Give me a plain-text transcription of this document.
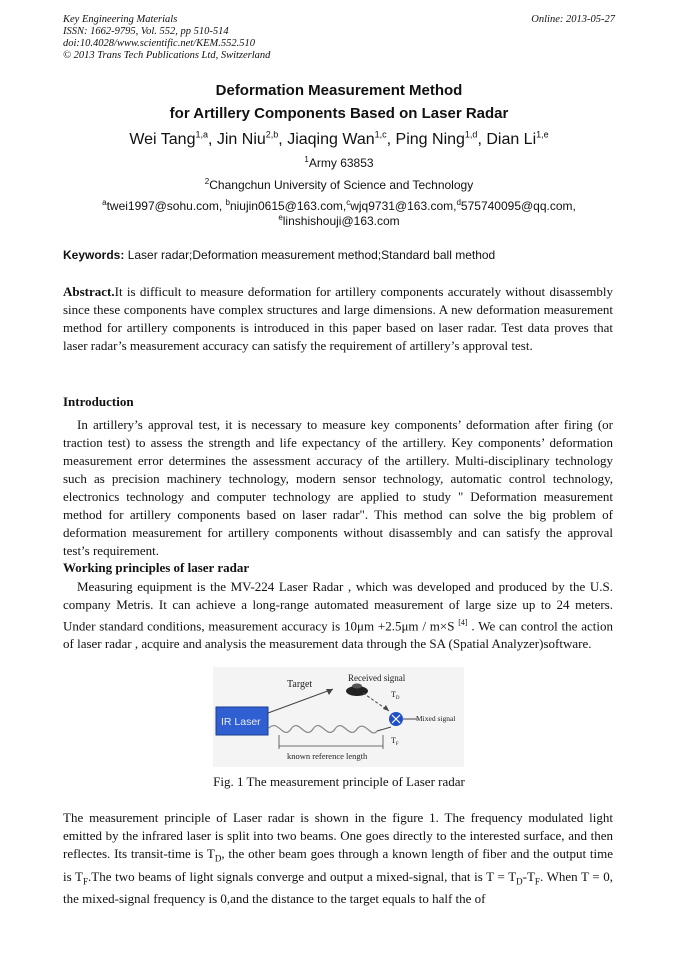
Key Engineering Materials
ISSN: 1662-9795, Vol. 552, pp 510-514
doi:10.4028/www.scientific.net/KEM.552.510
© 2013 Trans Tech Publications Ltd, Switzerland
Online: 2013-05-27
Deformation Measurement Method
for Artillery Components Based on Laser Radar
Wei Tang$^{1,a}$, Jin Niu$^{2,b}$, Jiaqing Wan$^{1,c}$, Ping Ning$^{1,d}$, Dian Li$^{1,e}$
$^1$Army 63853
$^2$Changchun University of Science and Technology
$^a$twei1997@sohu.com, $^b$niujin0615@163.com,$^c$wjq9731@163.com,$^d$575740095@qq.com,
$^e$linshishouji@163.com
Keywords: Laser radar;Deformation measurement method;Standard ball method
Abstract.It is difficult to measure deformation for artillery components accurately without disassembly since these components have complex structures and large dimensions. A new deformation measurement method for artillery components is introduced in this paper based on laser radar. Test data proves that laser radar’s measurement accuracy can satisfy the requirement of artillery’s approval test.
Introduction
In artillery’s approval test, it is necessary to measure key components’ deformation after firing (or traction test) to assess the strength and life expectancy of the artillery. Key components’ deformation measurement error determines the assessment accuracy of the artillery. Multi-disciplinary technology such as precision machinery technology, modern sensor technology, automatic control technology, electronics technology and computer technology are applied to study " Deformation measurement method for artillery components based on laser radar". This method can solve the big problem of deformation measurement for artillery components without disassembly and can satisfy the approval test’s requirement.
Working principles of laser radar
Measuring equipment is the MV-224 Laser Radar , which was developed and produced by the U.S. company Metris. It can achieve a long-range automated measurement of large size up to 24 meters. Under standard conditions, measurement accuracy is 10μm +2.5μm / m×S [4] . We can control the action of laser radar , acquire and analysis the measurement data through the SA (Spatial Analyzer)software.
IR Laser
Target
Received signal
$T_D$
$T_F$
Mixed signal
known reference length
Fig. 1 The measurement principle of Laser radar
The measurement principle of Laser radar is shown in the figure 1. The frequency modulated light emitted by the infrared laser is split into two beams. One goes directly to the interested surface, and then reflectes. Its transit-time is $T_D$, the other beam goes through a known length of fiber and the output time is $T_F.The$ two beams of light signals converge and output a mixed-signal, that is $T = T_D-T_F$. When T = 0, the mixed-signal frequency is 0,and the distance to the target equals to half the of
